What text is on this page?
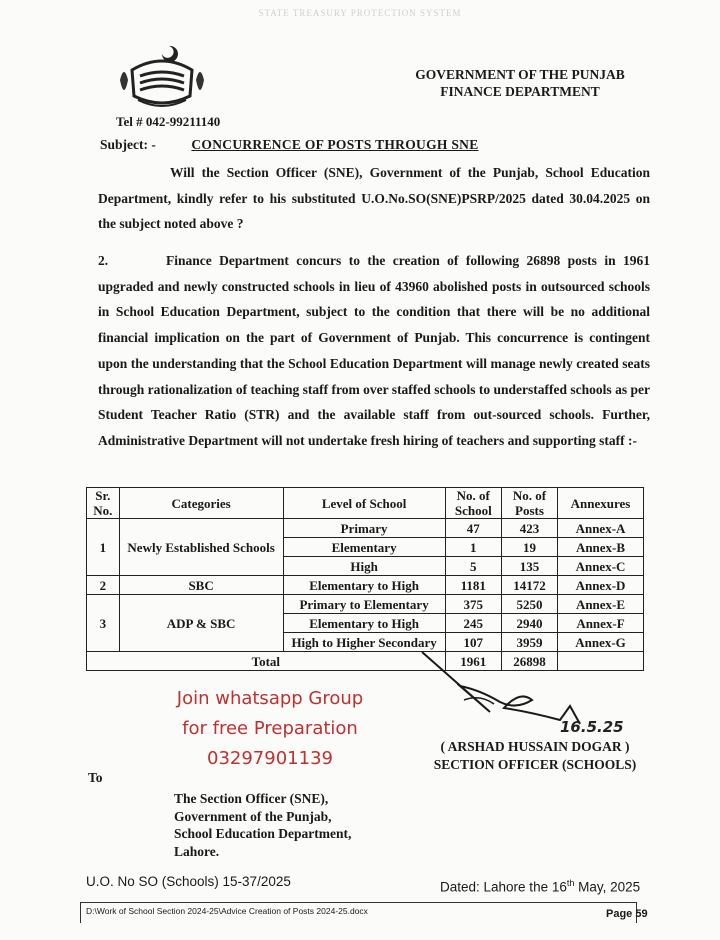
STATE TREASURY PROTECTION SYSTEM
GOVERNMENT OF THE PUNJAB
FINANCE DEPARTMENT
Tel # 042-99211140
Subject: -	CONCURRENCE OF POSTS THROUGH SNE
Will the Section Officer (SNE), Government of the Punjab, School Education Department, kindly refer to his substituted U.O.No.SO(SNE)PSRP/2025 dated 30.04.2025 on the subject noted above ?
2.	Finance Department concurs to the creation of following 26898 posts in 1961 upgraded and newly constructed schools in lieu of 43960 abolished posts in outsourced schools in School Education Department, subject to the condition that there will be no additional financial implication on the part of Government of Punjab. This concurrence is contingent upon the understanding that the School Education Department will manage newly created seats through rationalization of teaching staff from over staffed schools to understaffed schools as per Student Teacher Ratio (STR) and the available staff from out-sourced schools. Further, Administrative Department will not undertake fresh hiring of teachers and supporting staff :-
Sr. No.	Categories	Level of School	No. of School	No. of Posts	Annexures
1	Newly Established Schools	Primary	47	423	Annex-A
		Elementary	1	19	Annex-B
		High	5	135	Annex-C
2	SBC	Elementary to High	1181	14172	Annex-D
3	ADP & SBC	Primary to Elementary	375	5250	Annex-E
		Elementary to High	245	2940	Annex-F
		High to Higher Secondary	107	3959	Annex-G
Total			1961	26898	
16.5.25
( ARSHAD HUSSAIN DOGAR )
SECTION OFFICER (SCHOOLS)
Join whatsapp Group
for free Preparation
03297901139
To
The Section Officer (SNE),
Government of the Punjab,
School Education Department,
Lahore.
U.O. No SO (Schools) 15-37/2025	Dated: Lahore the 16th May, 2025
D:\Work of School Section 2024-25\Advice Creation of Posts 2024-25.docx	Page 59
